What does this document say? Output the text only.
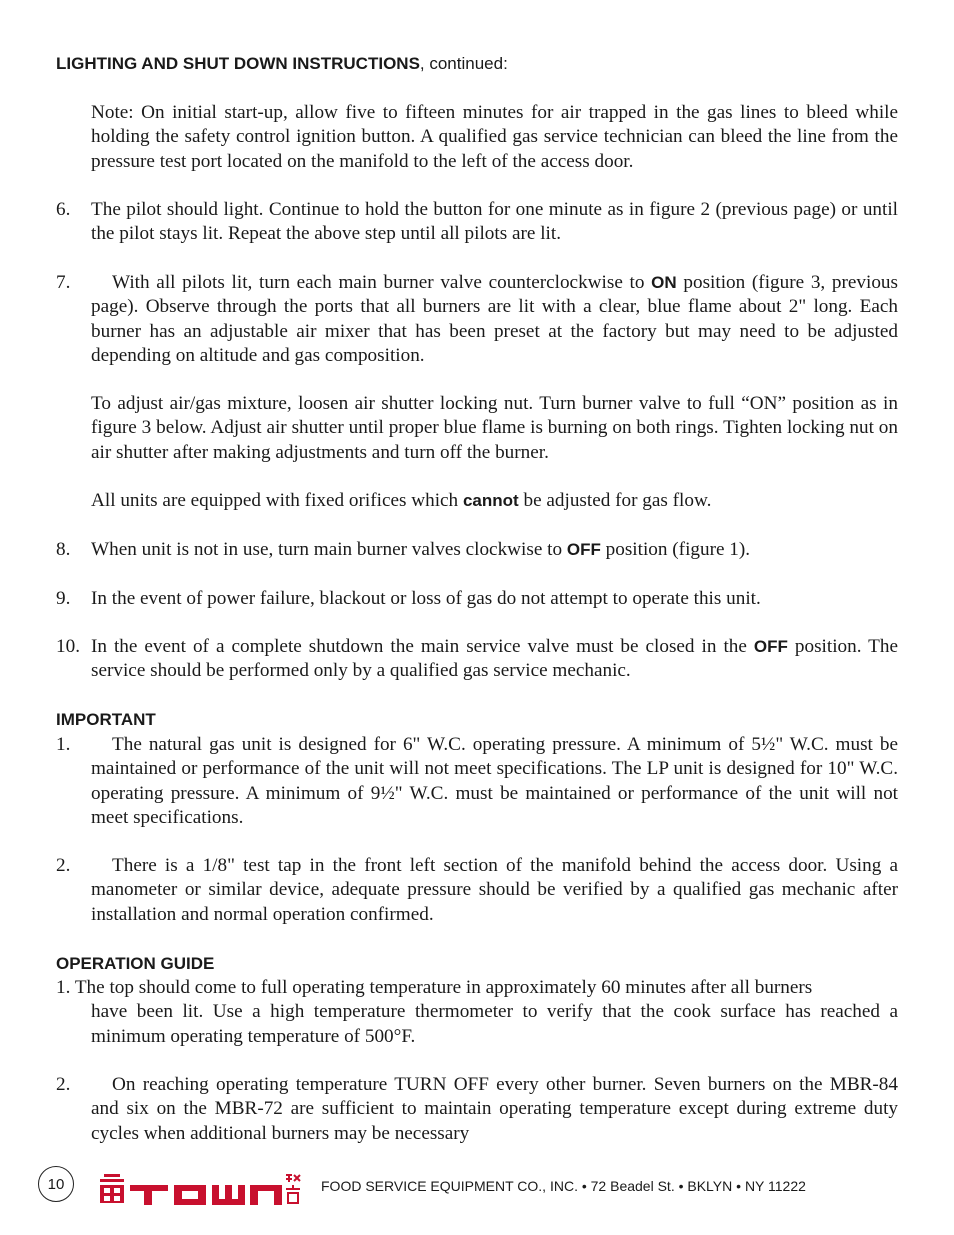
LIGHTING AND SHUT DOWN INSTRUCTIONS, continued:
Note: On initial start-up, allow five to fifteen minutes for air trapped in the gas lines to bleed while holding the safety control ignition button. A qualified gas service technician can bleed the line from the pressure test port located on the manifold to the left of the access door.
6. The pilot should light. Continue to hold the button for one minute as in figure 2 (previous page) or until the pilot stays lit. Repeat the above step until all pilots are lit.
7.	With all pilots lit, turn each main burner valve counterclockwise to ON position (figure 3, previous page). Observe through the ports that all burners are lit with a clear, blue flame about 2" long. Each burner has an adjustable air mixer that has been preset at the factory but may need to be adjusted depending on altitude and gas composition.
To adjust air/gas mixture, loosen air shutter locking nut. Turn burner valve to full “ON” position as in figure 3 below. Adjust air shutter until proper blue flame is burning on both rings. Tighten locking nut on air shutter after making adjustments and turn off the burner.
All units are equipped with fixed orifices which cannot be adjusted for gas flow.
8. When unit is not in use, turn main burner valves clockwise to OFF position (figure 1).
9. In the event of power failure, blackout or loss of gas do not attempt to operate this unit.
10. In the event of a complete shutdown the main service valve must be closed in the OFF position. The service should be performed only by a qualified gas service mechanic.
IMPORTANT
1.	The natural gas unit is designed for 6" W.C. operating pressure. A minimum of 5½" W.C. must be maintained or performance of the unit will not meet specifications. The LP unit is designed for 10" W.C. operating pressure. A minimum of 9½" W.C. must be maintained or performance of the unit will not meet specifications.
2.	There is a 1/8" test tap in the front left section of the manifold behind the access door. Using a manometer or similar device, adequate pressure should be verified by a qualified gas mechanic after installation and normal operation confirmed.
OPERATION GUIDE
1. The top should come to full operating temperature in approximately 60 minutes after all burners
have been lit. Use a high temperature thermometer to verify that the cook surface has reached a minimum operating temperature of 500°F.
2.	On reaching operating temperature TURN OFF every other burner. Seven burners on the MBR-84 and six on the MBR-72 are sufficient to maintain operating temperature except during extreme duty cycles when additional burners may be necessary
10	FOOD SERVICE EQUIPMENT CO., INC. • 72 Beadel St. • BKLYN • NY 11222
